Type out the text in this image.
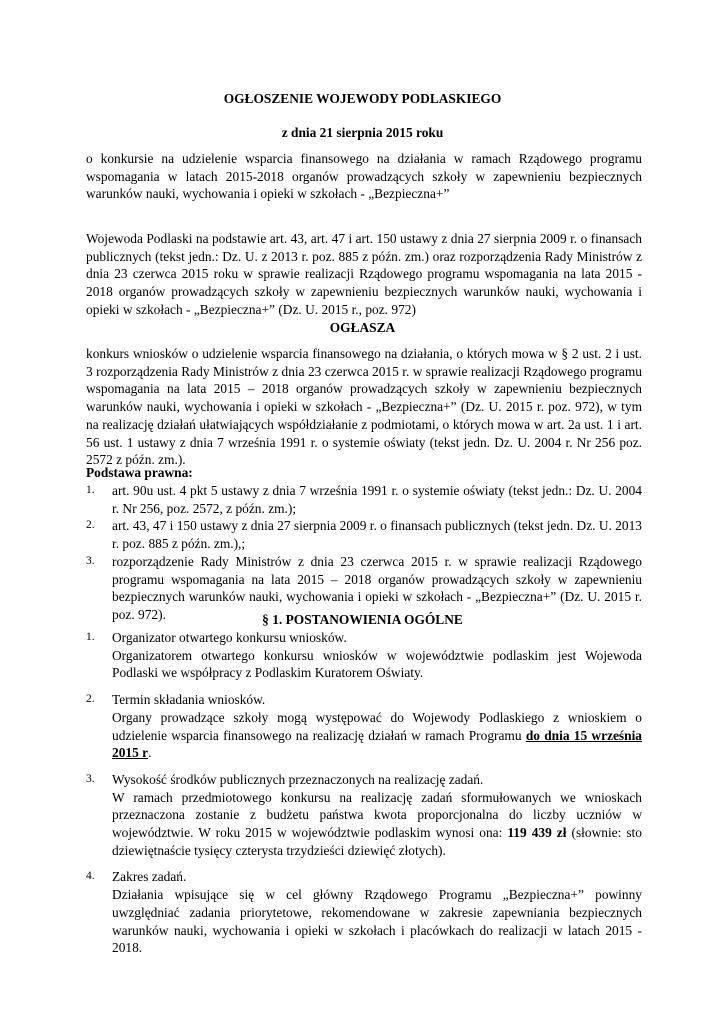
OGŁOSZENIE WOJEWODY PODLASKIEGO
z dnia 21 sierpnia 2015 roku

o konkursie na udzielenie wsparcia finansowego na działania w ramach Rządowego programu wspomagania w latach 2015-2018 organów prowadzących szkoły w zapewnieniu bezpiecznych warunków nauki, wychowania i opieki w szkołach - „Bezpieczna+”

Wojewoda Podlaski na podstawie art. 43, art. 47 i art. 150 ustawy z dnia 27 sierpnia 2009 r. o finansach publicznych (tekst jedn.: Dz. U. z 2013 r. poz. 885 z późn. zm.) oraz rozporządzenia Rady Ministrów z dnia 23 czerwca 2015 roku w sprawie realizacji Rządowego programu wspomagania na lata 2015 - 2018 organów prowadzących szkoły w zapewnieniu bezpiecznych warunków nauki, wychowania i opieki w szkołach - „Bezpieczna+” (Dz. U. 2015 r., poz. 972)

OGŁASZA

konkurs wniosków o udzielenie wsparcia finansowego na działania, o których mowa w § 2 ust. 2 i ust. 3 rozporządzenia Rady Ministrów z dnia 23 czerwca 2015 r. w sprawie realizacji Rządowego programu wspomagania na lata 2015 – 2018 organów prowadzących szkoły w zapewnieniu bezpiecznych warunków nauki, wychowania i opieki w szkołach - „Bezpieczna+” (Dz. U. 2015 r. poz. 972), w tym na realizację działań ułatwiających współdziałanie z podmiotami, o których mowa w art. 2a ust. 1 i art. 56 ust. 1 ustawy z dnia 7 września 1991 r. o systemie oświaty (tekst jedn. Dz. U. 2004 r. Nr 256 poz. 2572 z późn. zm.).

Podstawa prawna:
1. art. 90u ust. 4 pkt 5 ustawy z dnia 7 września 1991 r. o systemie oświaty (tekst jedn.: Dz. U. 2004 r. Nr 256, poz. 2572, z późn. zm.);
2. art. 43, 47 i 150 ustawy z dnia 27 sierpnia 2009 r. o finansach publicznych (tekst jedn. Dz. U. 2013 r. poz. 885 z późn. zm.),;
3. rozporządzenie Rady Ministrów z dnia 23 czerwca 2015 r. w sprawie realizacji Rządowego programu wspomagania na lata 2015 – 2018 organów prowadzących szkoły w zapewnieniu bezpiecznych warunków nauki, wychowania i opieki w szkołach - „Bezpieczna+” (Dz. U. 2015 r. poz. 972).	§ 1. POSTANOWIENIA OGÓLNE
1. Organizator otwartego konkursu wniosków.
Organizatorem otwartego konkursu wniosków w województwie podlaskim jest Wojewoda Podlaski we współpracy z Podlaskim Kuratorem Oświaty.
2. Termin składania wniosków.
Organy prowadzące szkoły mogą występować do Wojewody Podlaskiego z wnioskiem o udzielenie wsparcia finansowego na realizację działań w ramach Programu do dnia 15 września 2015 r.
3. Wysokość środków publicznych przeznaczonych na realizację zadań.
W ramach przedmiotowego konkursu na realizację zadań sformułowanych we wnioskach przeznaczona zostanie z budżetu państwa kwota proporcjonalna do liczby uczniów w województwie. W roku 2015 w województwie podlaskim wynosi ona: 119 439 zł (słownie: sto dziewiętnaście tysięcy czterysta trzydzieści dziewięć złotych).
4. Zakres zadań.
Działania wpisujące się w cel główny Rządowego Programu „Bezpieczna+” powinny uwzględniać zadania priorytetowe, rekomendowane w zakresie zapewniania bezpiecznych warunków nauki, wychowania i opieki w szkołach i placówkach do realizacji w latach 2015 - 2018.
